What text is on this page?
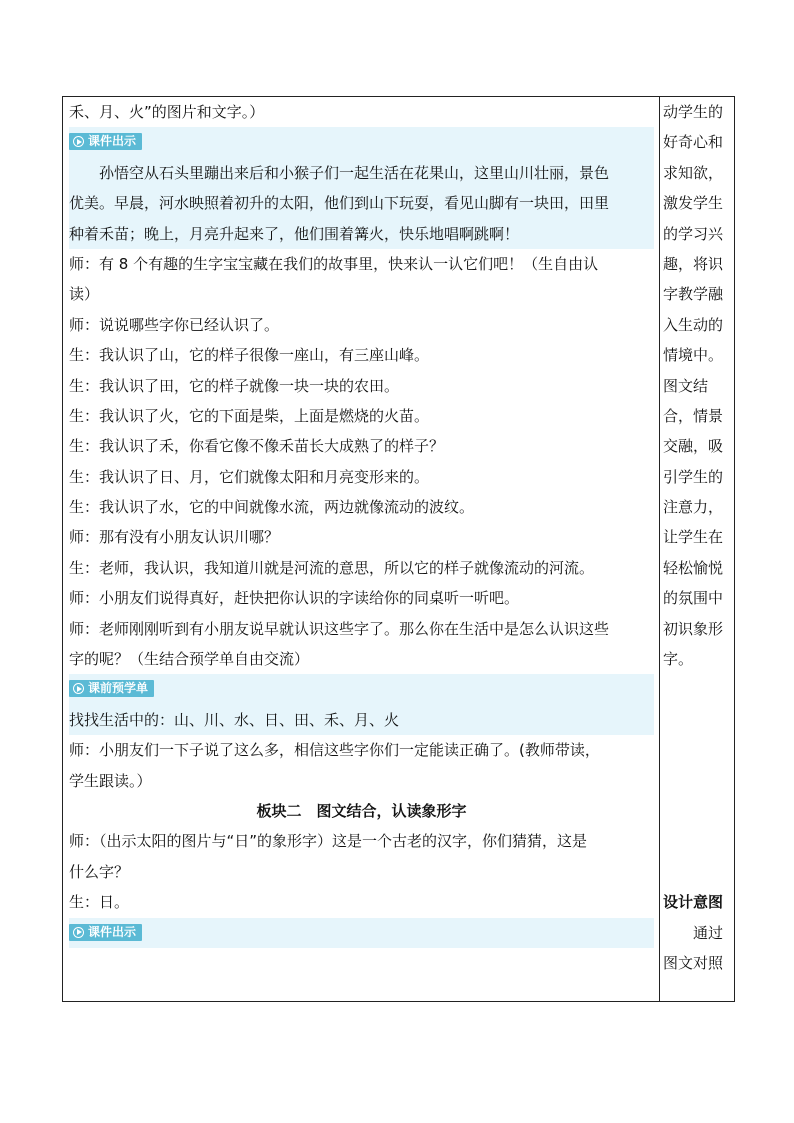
禾、月、火”的图片和文字。）
课件出示
孙悟空从石头里蹦出来后和小猴子们一起生活在花果山，这里山川壮丽，景色
优美。早晨，河水映照着初升的太阳，他们到山下玩耍，看见山脚有一块田，田里
种着禾苗；晚上，月亮升起来了，他们围着篝火，快乐地唱啊跳啊！
师：有 8 个有趣的生字宝宝藏在我们的故事里，快来认一认它们吧！（生自由认
读）
师：说说哪些字你已经认识了。
生：我认识了山，它的样子很像一座山，有三座山峰。
生：我认识了田，它的样子就像一块一块的农田。
生：我认识了火，它的下面是柴，上面是燃烧的火苗。
生：我认识了禾，你看它像不像禾苗长大成熟了的样子？
生：我认识了日、月，它们就像太阳和月亮变形来的。
生：我认识了水，它的中间就像水流，两边就像流动的波纹。
师：那有没有小朋友认识川哪？
生：老师，我认识，我知道川就是河流的意思，所以它的样子就像流动的河流。
师：小朋友们说得真好，赶快把你认识的字读给你的同桌听一听吧。
师：老师刚刚听到有小朋友说早就认识这些字了。那么你在生活中是怎么认识这些
字的呢？（生结合预学单自由交流）
课前预学单
找找生活中的：山、川、水、日、田、禾、月、火
师：小朋友们一下子说了这么多，相信这些字你们一定能读正确了。(教师带读，
学生跟读。）
板块二　图文结合，认读象形字
师：（出示太阳的图片与“日”的象形字）这是一个古老的汉字，你们猜猜，这是
什么字？
生：日。
课件出示
动学生的
好奇心和
求知欲，
激发学生
的学习兴
趣，将识
字教学融
入生动的
情境中。
图文结
合，情景
交融，吸
引学生的
注意力，
让学生在
轻松愉悦
的氛围中
初识象形
字。
设计意图
通过
图文对照
